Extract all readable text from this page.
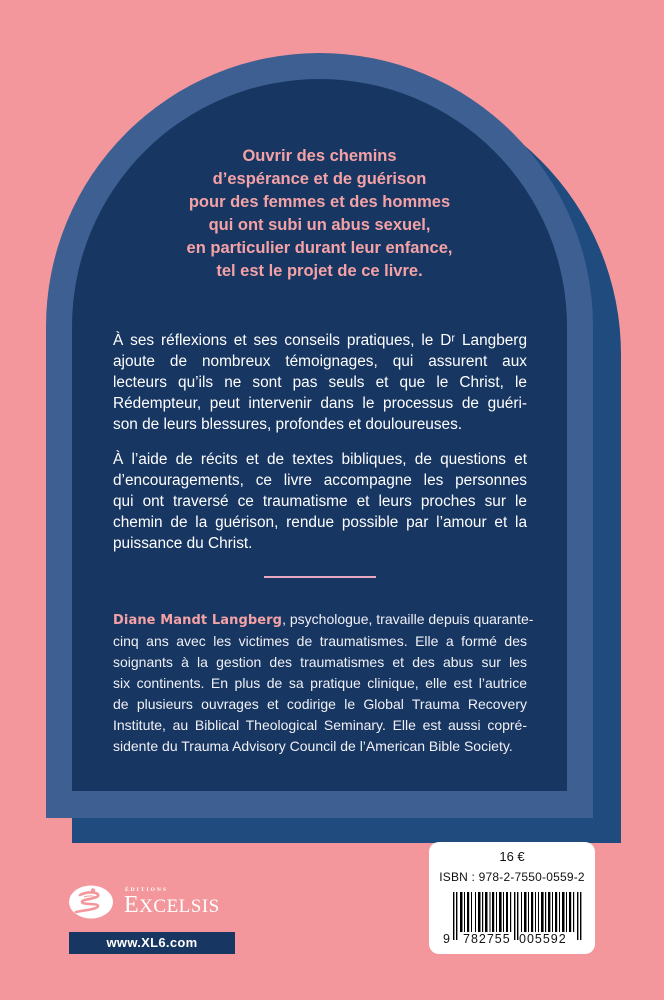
Ouvrir des chemins
d’espérance et de guérison
pour des femmes et des hommes
qui ont subi un abus sexuel,
en particulier durant leur enfance,
tel est le projet de ce livre.
À ses réflexions et ses conseils pratiques, le Dʳ Langberg
ajoute de nombreux témoignages, qui assurent aux
lecteurs qu’ils ne sont pas seuls et que le Christ, le
Rédempteur, peut intervenir dans le processus de guéri-
son de leurs blessures, profondes et douloureuses.
À l’aide de récits et de textes bibliques, de questions et
d’encouragements, ce livre accompagne les personnes
qui ont traversé ce traumatisme et leurs proches sur le
chemin de la guérison, rendue possible par l’amour et la
puissance du Christ.
Diane Mandt Langberg, psychologue, travaille depuis quarante-
cinq ans avec les victimes de traumatismes. Elle a formé des
soignants à la gestion des traumatismes et des abus sur les
six continents. En plus de sa pratique clinique, elle est l’autrice
de plusieurs ouvrages et codirige le Global Trauma Recovery
Institute, au Biblical Theological Seminary. Elle est aussi copré-
sidente du Trauma Advisory Council de l’American Bible Society.
16 €
ISBN : 978-2-7550-0559-2
9 782755 005592
ÉDITIONS
EXCELSIS
www.XL6.com
